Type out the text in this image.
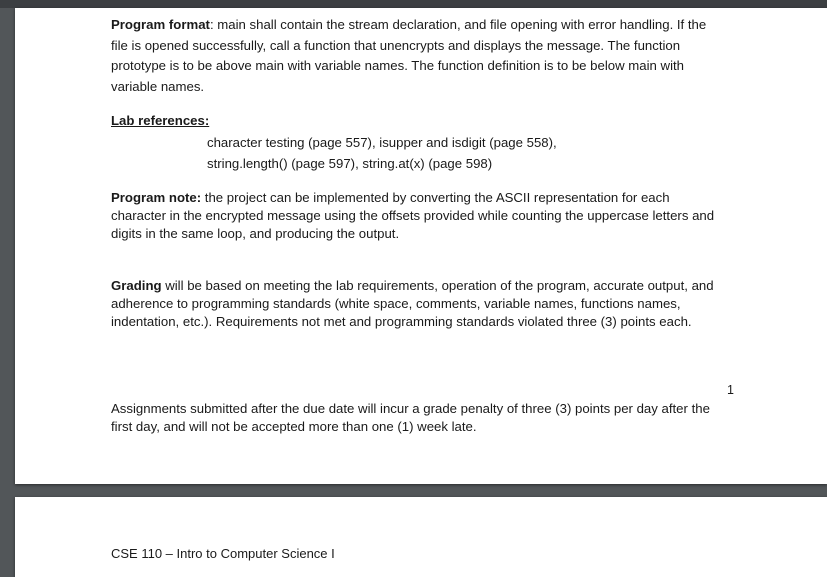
Program format: main shall contain the stream declaration, and file opening with error handling. If the
file is opened successfully, call a function that unencrypts and displays the message. The function
prototype is to be above main with variable names. The function definition is to be below main with
variable names.
Lab references:
character testing (page 557), isupper and isdigit (page 558),
string.length() (page 597), string.at(x) (page 598)
Program note: the project can be implemented by converting the ASCII representation for each
character in the encrypted message using the offsets provided while counting the uppercase letters and
digits in the same loop, and producing the output.
Grading will be based on meeting the lab requirements, operation of the program, accurate output, and
adherence to programming standards (white space, comments, variable names, functions names,
indentation, etc.). Requirements not met and programming standards violated three (3) points each.
1
Assignments submitted after the due date will incur a grade penalty of three (3) points per day after the
first day, and will not be accepted more than one (1) week late.
CSE 110 – Intro to Computer Science I
